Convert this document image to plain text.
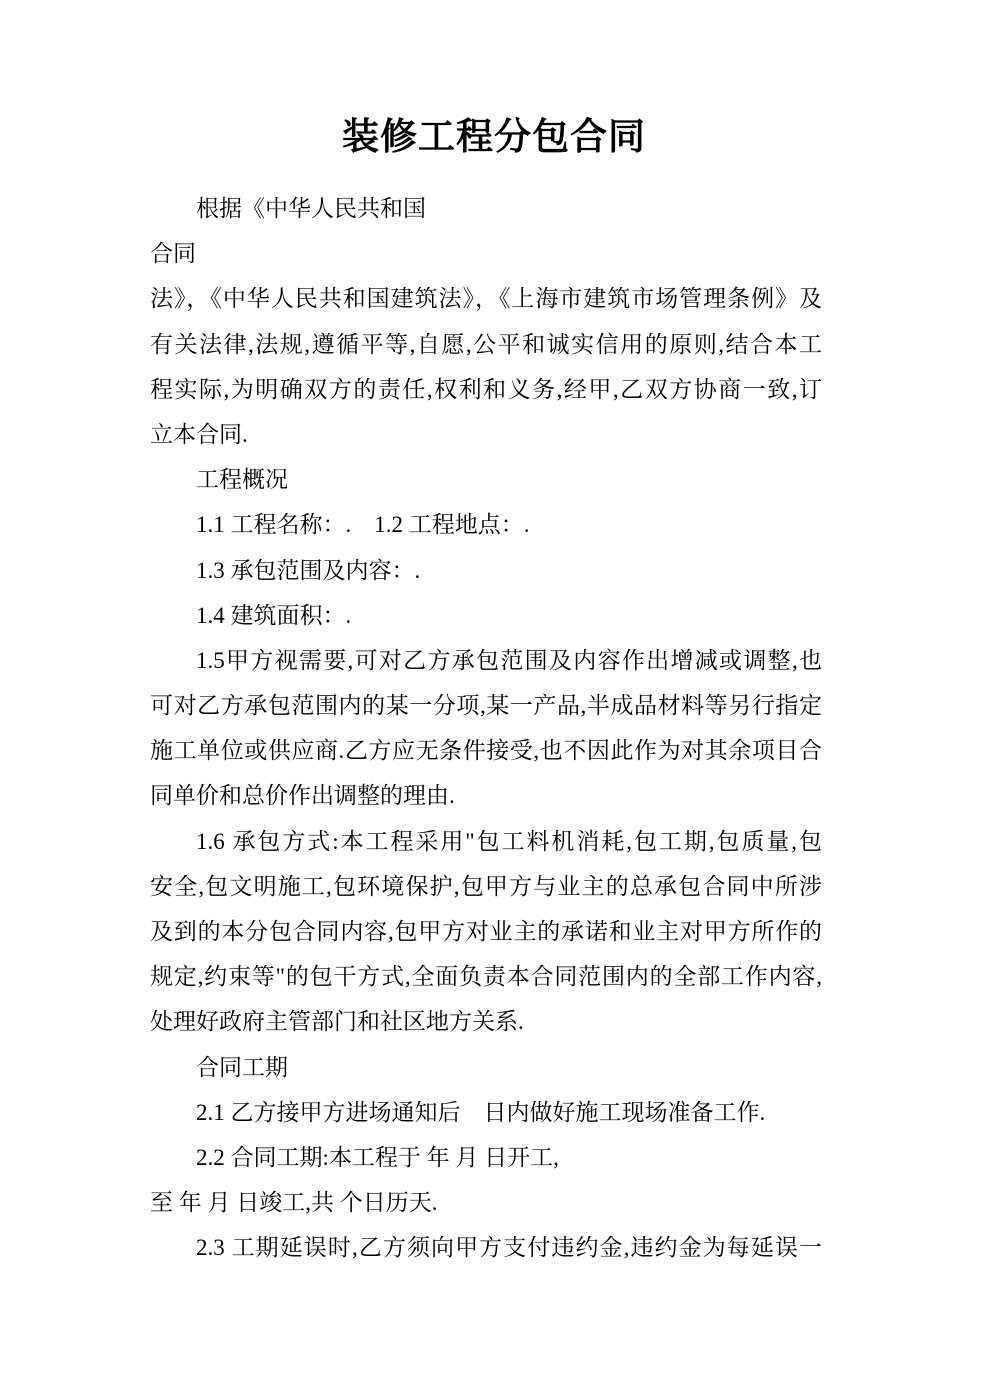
装修工程分包合同
根据《中华人民共和国
合同
法》，《中华人民共和国建筑法》，《上海市建筑市场管理条例》及
有关法律,法规,遵循平等,自愿,公平和诚实信用的原则,结合本工
程实际,为明确双方的责任,权利和义务,经甲,乙双方协商一致,订
立本合同.
工程概况
1.1 工程名称：.　1.2 工程地点：.
1.3 承包范围及内容：.
1.4 建筑面积：.
1.5甲方视需要,可对乙方承包范围及内容作出增减或调整,也
可对乙方承包范围内的某一分项,某一产品,半成品材料等另行指定
施工单位或供应商.乙方应无条件接受,也不因此作为对其余项目合
同单价和总价作出调整的理由.
1.6 承包方式:本工程采用"包工料机消耗,包工期,包质量,包
安全,包文明施工,包环境保护,包甲方与业主的总承包合同中所涉
及到的本分包合同内容,包甲方对业主的承诺和业主对甲方所作的
规定,约束等"的包干方式,全面负责本合同范围内的全部工作内容,
处理好政府主管部门和社区地方关系.
合同工期
2.1 乙方接甲方进场通知后　日内做好施工现场准备工作.
2.2 合同工期:本工程于 年 月 日开工,
至 年 月 日竣工,共 个日历天.
2.3 工期延误时,乙方须向甲方支付违约金,违约金为每延误一
